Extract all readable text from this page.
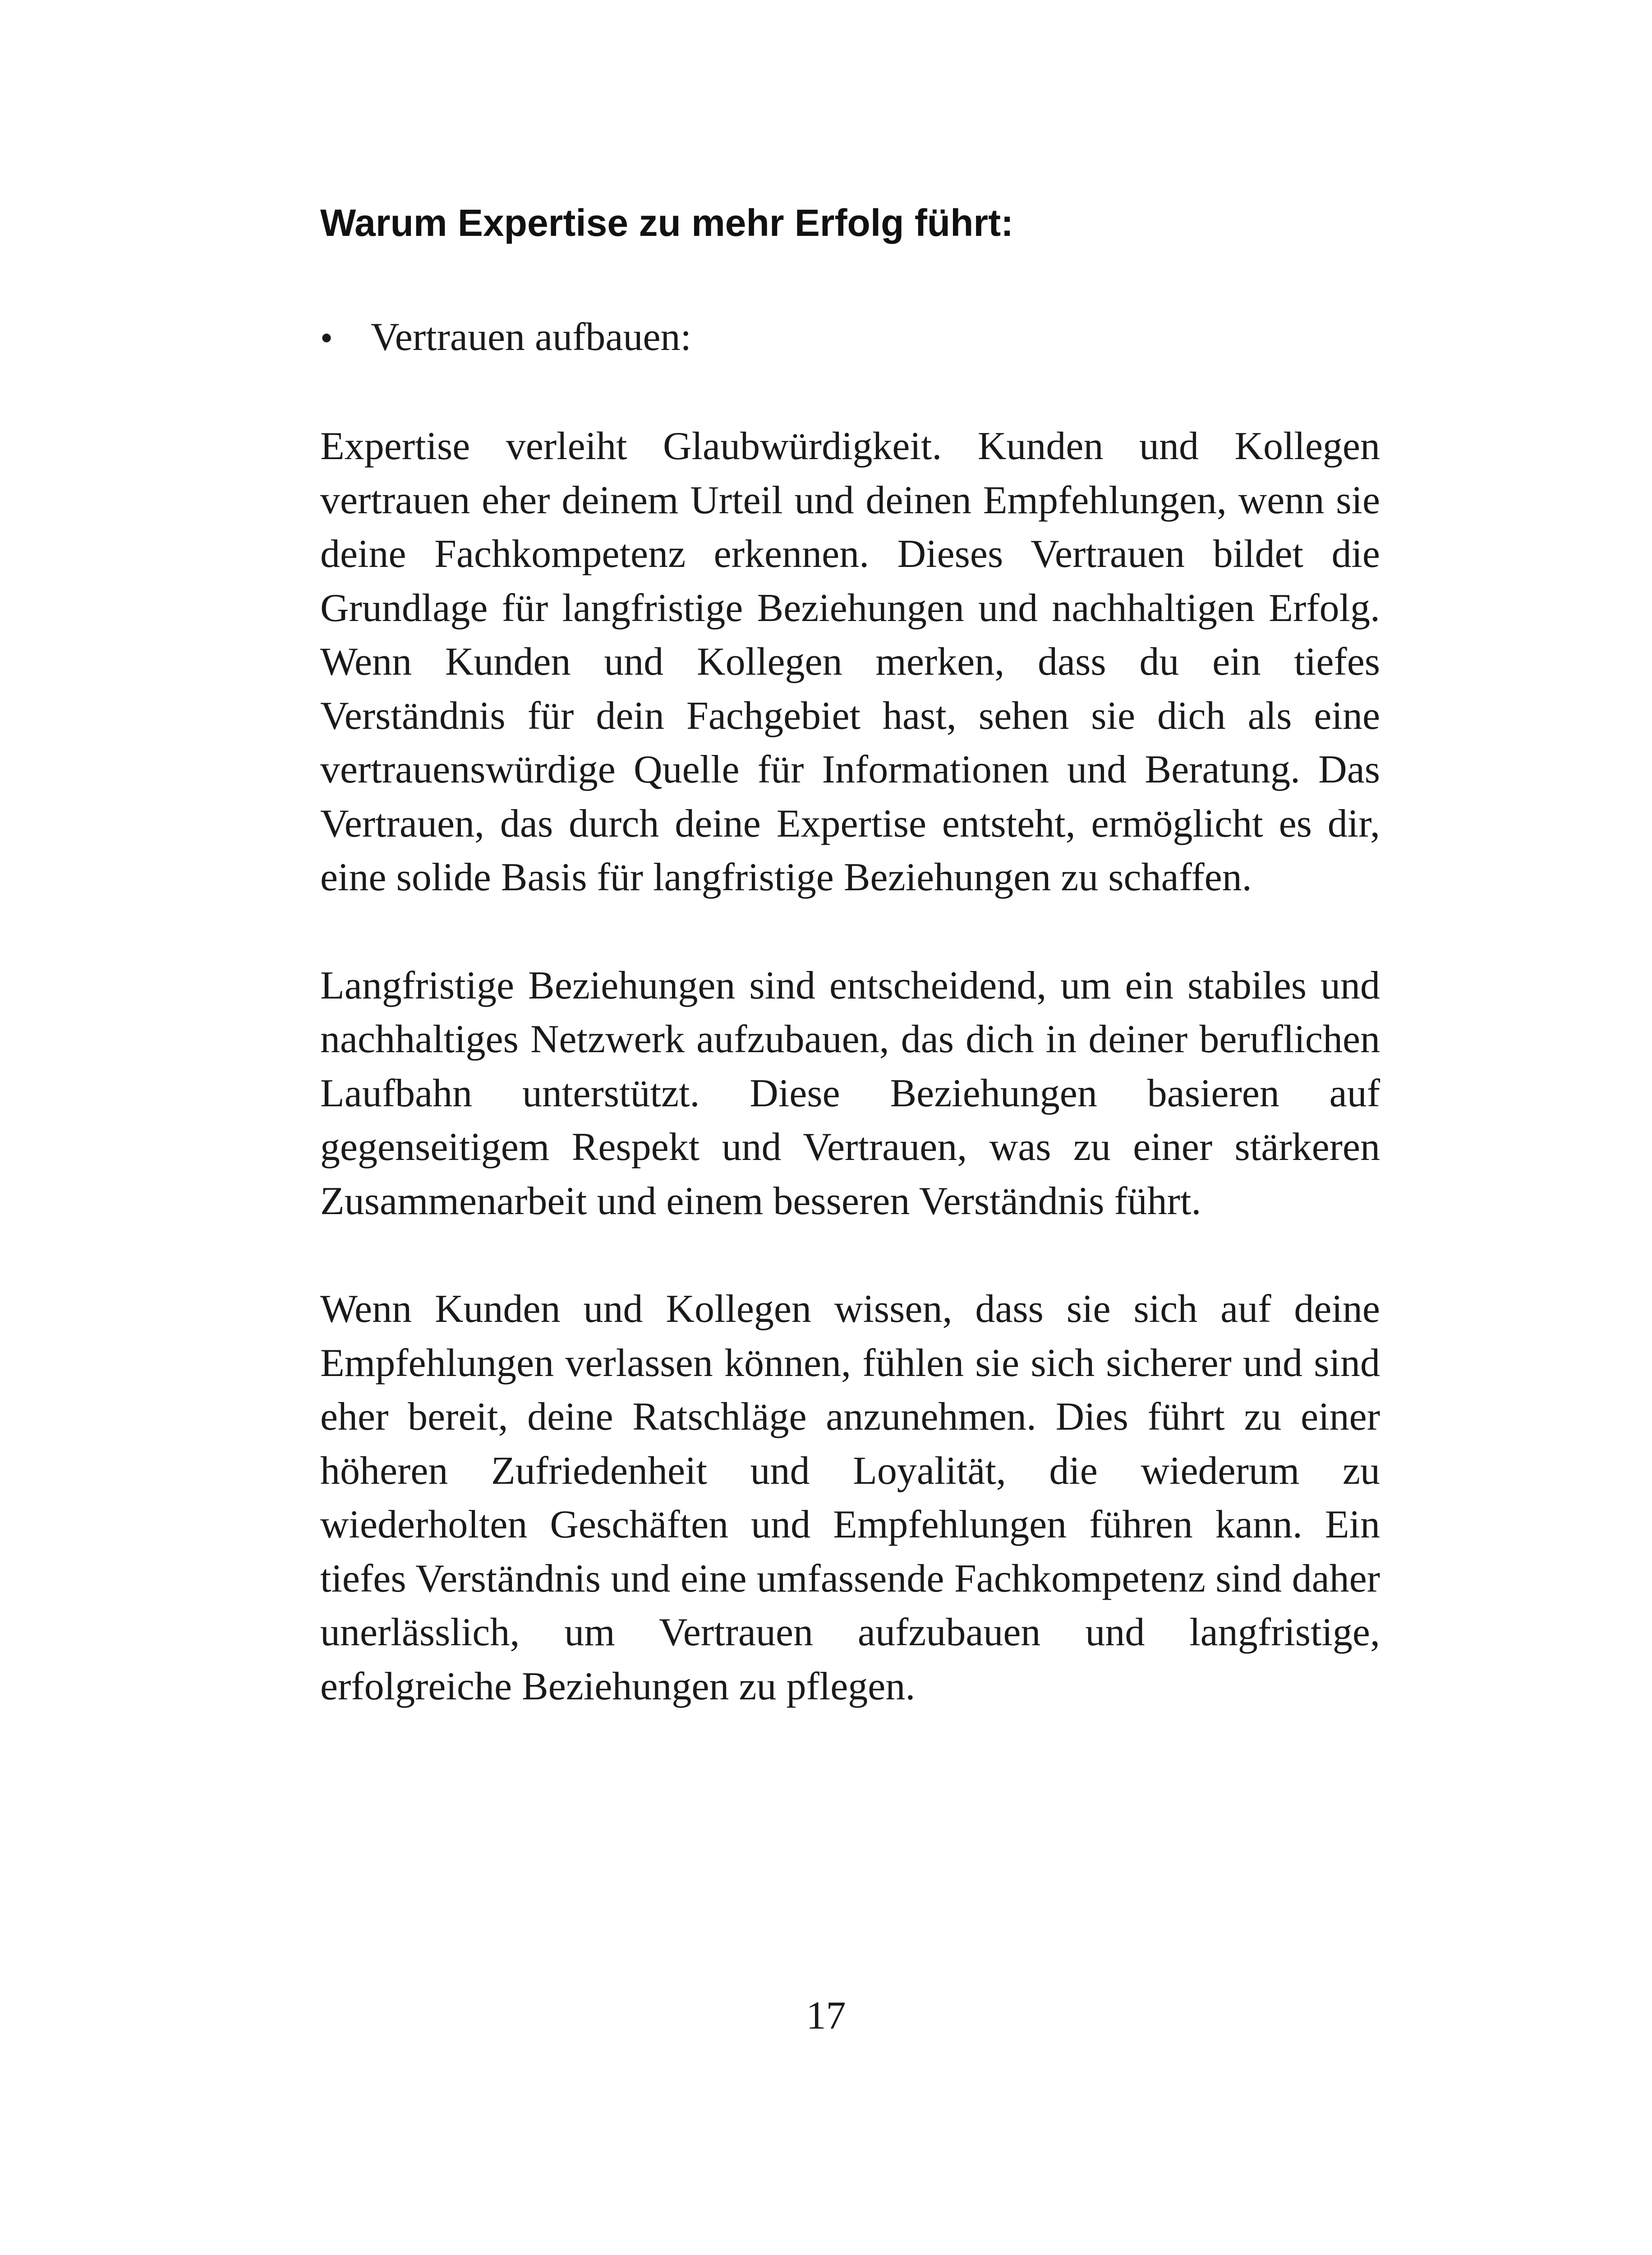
Warum Expertise zu mehr Erfolg führt:
• Vertrauen aufbauen:

Expertise verleiht Glaubwürdigkeit. Kunden und Kollegen vertrauen eher deinem Urteil und deinen Empfehlungen, wenn sie deine Fachkompetenz erkennen. Dieses Vertrauen bildet die Grundlage für langfristige Beziehungen und nachhaltigen Erfolg. Wenn Kunden und Kollegen merken, dass du ein tiefes Verständnis für dein Fachgebiet hast, sehen sie dich als eine vertrauenswürdige Quelle für Informationen und Beratung. Das Vertrauen, das durch deine Expertise entsteht, ermöglicht es dir, eine solide Basis für langfristige Beziehungen zu schaffen.

Langfristige Beziehungen sind entscheidend, um ein stabiles und nachhaltiges Netzwerk aufzubauen, das dich in deiner beruflichen Laufbahn unterstützt. Diese Beziehungen basieren auf gegenseitigem Respekt und Vertrauen, was zu einer stärkeren Zusammenarbeit und einem besseren Verständnis führt.

Wenn Kunden und Kollegen wissen, dass sie sich auf deine Empfehlungen verlassen können, fühlen sie sich sicherer und sind eher bereit, deine Ratschläge anzunehmen. Dies führt zu einer höheren Zufriedenheit und Loyalität, die wiederum zu wiederholten Geschäften und Empfehlungen führen kann. Ein tiefes Verständnis und eine umfassende Fachkompetenz sind daher unerlässlich, um Vertrauen aufzubauen und langfristige, erfolgreiche Beziehungen zu pflegen.

17
